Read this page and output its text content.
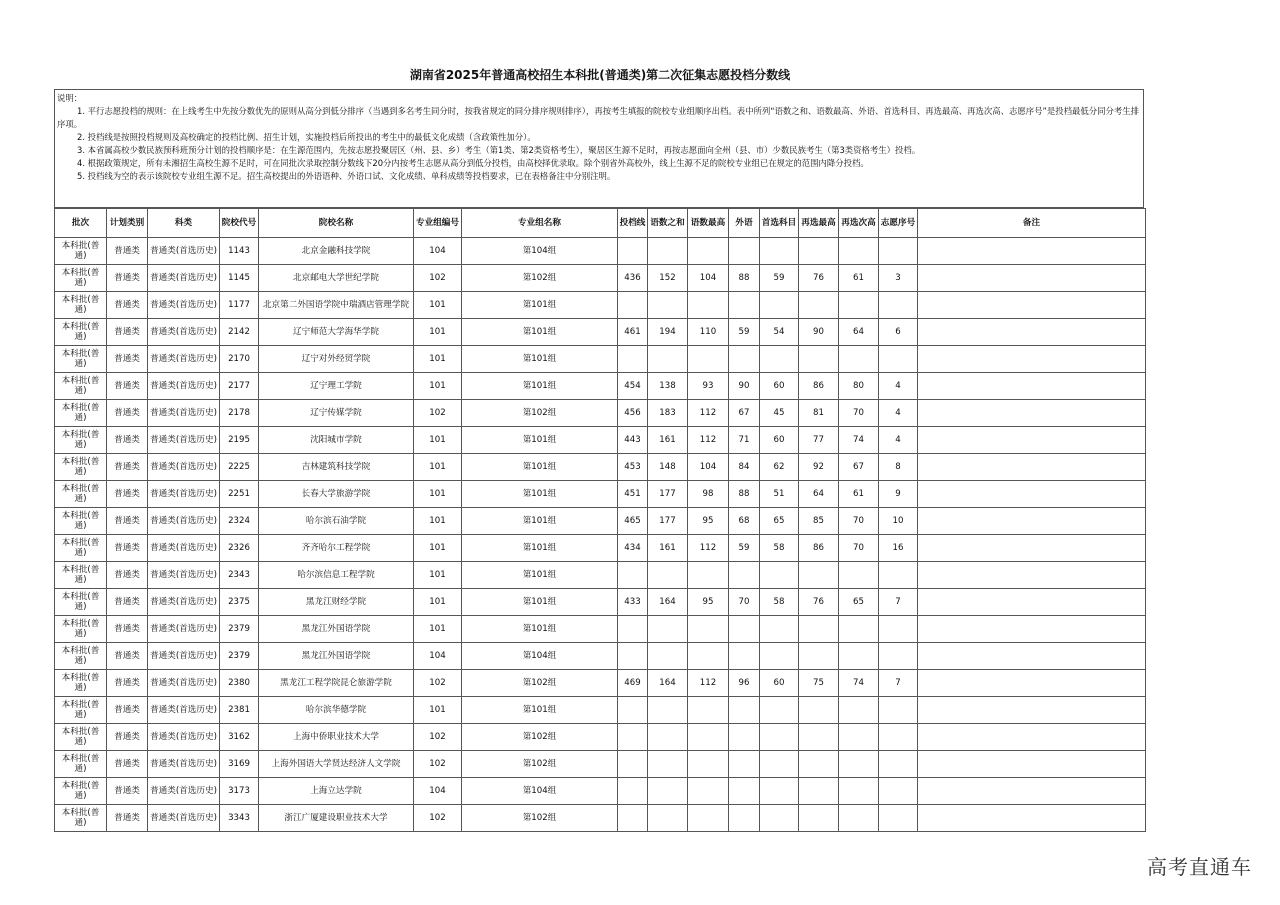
湖南省2025年普通高校招生本科批(普通类)第二次征集志愿投档分数线

说明：

1. 平行志愿投档的规则：在上线考生中先按分数优先的原则从高分到低分排序（当遇到多名考生同分时，按我省规定的同分排序规则排序），再按考生填报的院校专业组顺序出档。表中所列“语数之和、语数最高、外语、首选科目、再选最高、再选次高、志愿序号”是投档最低分同分考生排序项。

2. 投档线是按照投档规则及高校确定的投档比例、招生计划，实施投档后所投出的考生中的最低文化成绩（含政策性加分）。

3. 本省属高校少数民族预科班预分计划的投档顺序是：在生源范围内，先按志愿投聚居区（州、县、乡）考生（第1类、第2类资格考生），聚居区生源不足时，再按志愿面向全州（县、市）少数民族考生（第3类资格考生）投档。

4. 根据政策规定，所有未湘招生高校生源不足时，可在同批次录取控制分数线下20分内按考生志愿从高分到低分投档，由高校择优录取。除个别省外高校外，线上生源不足的院校专业组已在规定的范围内降分投档。

5. 投档线为空的表示该院校专业组生源不足。招生高校提出的外语语种、外语口试、文化成绩、单科成绩等投档要求，已在表格备注中分别注明。

批次	计划类别	科类	院校代号	院校名称	专业组编号	专业组名称	投档线	语数之和	语数最高	外语	首选科目	再选最高	再选次高	志愿序号	备注
本科批(普通)	普通类	普通类(首选历史)	1143	北京金融科技学院	104	第104组									
本科批(普通)	普通类	普通类(首选历史)	1145	北京邮电大学世纪学院	102	第102组	436	152	104	88	59	76	61	3	
本科批(普通)	普通类	普通类(首选历史)	1177	北京第二外国语学院中瑞酒店管理学院	101	第101组									
本科批(普通)	普通类	普通类(首选历史)	2142	辽宁师范大学海华学院	101	第101组	461	194	110	59	54	90	64	6	
本科批(普通)	普通类	普通类(首选历史)	2170	辽宁对外经贸学院	101	第101组									
本科批(普通)	普通类	普通类(首选历史)	2177	辽宁理工学院	101	第101组	454	138	93	90	60	86	80	4	
本科批(普通)	普通类	普通类(首选历史)	2178	辽宁传媒学院	102	第102组	456	183	112	67	45	81	70	4	
本科批(普通)	普通类	普通类(首选历史)	2195	沈阳城市学院	101	第101组	443	161	112	71	60	77	74	4	
本科批(普通)	普通类	普通类(首选历史)	2225	吉林建筑科技学院	101	第101组	453	148	104	84	62	92	67	8	
本科批(普通)	普通类	普通类(首选历史)	2251	长春大学旅游学院	101	第101组	451	177	98	88	51	64	61	9	
本科批(普通)	普通类	普通类(首选历史)	2324	哈尔滨石油学院	101	第101组	465	177	95	68	65	85	70	10	
本科批(普通)	普通类	普通类(首选历史)	2326	齐齐哈尔工程学院	101	第101组	434	161	112	59	58	86	70	16	
本科批(普通)	普通类	普通类(首选历史)	2343	哈尔滨信息工程学院	101	第101组									
本科批(普通)	普通类	普通类(首选历史)	2375	黑龙江财经学院	101	第101组	433	164	95	70	58	76	65	7	
本科批(普通)	普通类	普通类(首选历史)	2379	黑龙江外国语学院	101	第101组									
本科批(普通)	普通类	普通类(首选历史)	2379	黑龙江外国语学院	104	第104组									
本科批(普通)	普通类	普通类(首选历史)	2380	黑龙江工程学院昆仑旅游学院	102	第102组	469	164	112	96	60	75	74	7	
本科批(普通)	普通类	普通类(首选历史)	2381	哈尔滨华德学院	101	第101组									
本科批(普通)	普通类	普通类(首选历史)	3162	上海中侨职业技术大学	102	第102组									
本科批(普通)	普通类	普通类(首选历史)	3169	上海外国语大学贤达经济人文学院	102	第102组									
本科批(普通)	普通类	普通类(首选历史)	3173	上海立达学院	104	第104组									
本科批(普通)	普通类	普通类(首选历史)	3343	浙江广厦建设职业技术大学	102	第102组									
高考直通车
